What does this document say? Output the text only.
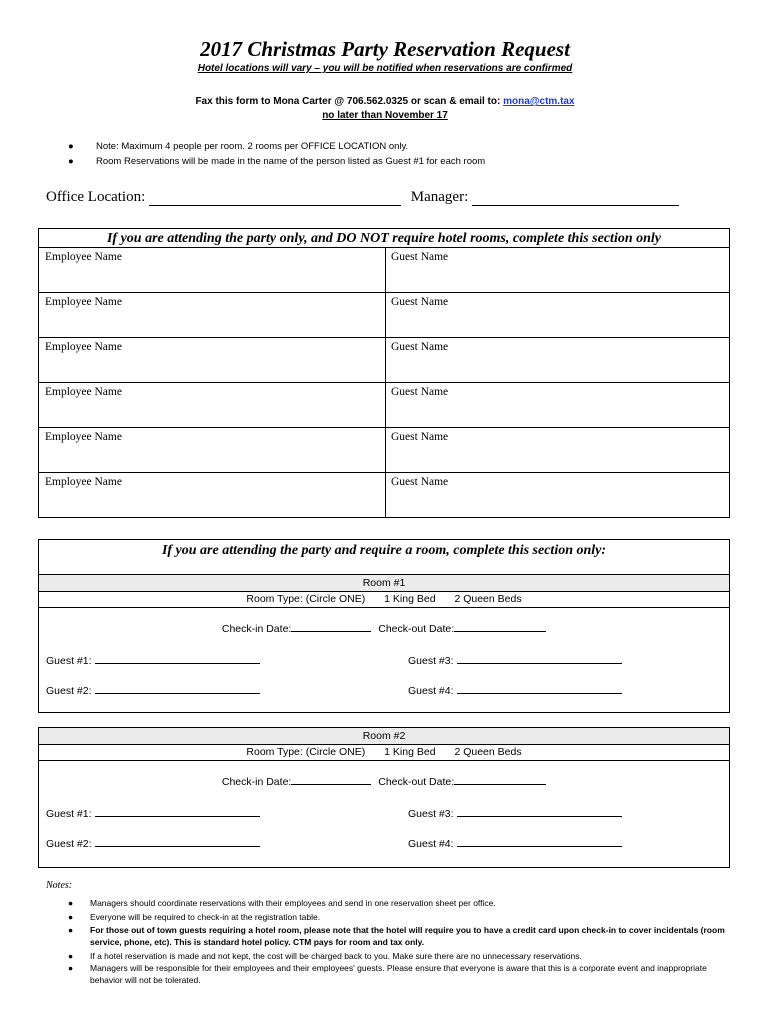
2017 Christmas Party Reservation Request
Hotel locations will vary – you will be notified when reservations are confirmed
Fax this form to Mona Carter @ 706.562.0325 or scan & email to: mona@ctm.tax
no later than November 17
● Note: Maximum 4 people per room. 2 rooms per OFFICE LOCATION only.
● Room Reservations will be made in the name of the person listed as Guest #1 for each room
Office Location:	Manager:
If you are attending the party only, and DO NOT require hotel rooms, complete this section only
Employee Name	Guest Name
Employee Name	Guest Name
Employee Name	Guest Name
Employee Name	Guest Name
Employee Name	Guest Name
Employee Name	Guest Name
If you are attending the party and require a room, complete this section only:
Room #1
Room Type: (Circle ONE) 1 King Bed 2 Queen Beds
Check-in Date:	Check-out Date:
Guest #1:	Guest #3:
Guest #2:	Guest #4:
Room #2
Room Type: (Circle ONE) 1 King Bed 2 Queen Beds
Check-in Date:	Check-out Date:
Guest #1:	Guest #3:
Guest #2:	Guest #4:
Notes:
● Managers should coordinate reservations with their employees and send in one reservation sheet per office.
● Everyone will be required to check-in at the registration table.
● For those out of town guests requiring a hotel room, please note that the hotel will require you to have a credit card upon check-in to cover incidentals (room service, phone, etc). This is standard hotel policy. CTM pays for room and tax only.
● If a hotel reservation is made and not kept, the cost will be charged back to you. Make sure there are no unnecessary reservations.
● Managers will be responsible for their employees and their employees' guests. Please ensure that everyone is aware that this is a corporate event and inappropriate behavior will not be tolerated.
